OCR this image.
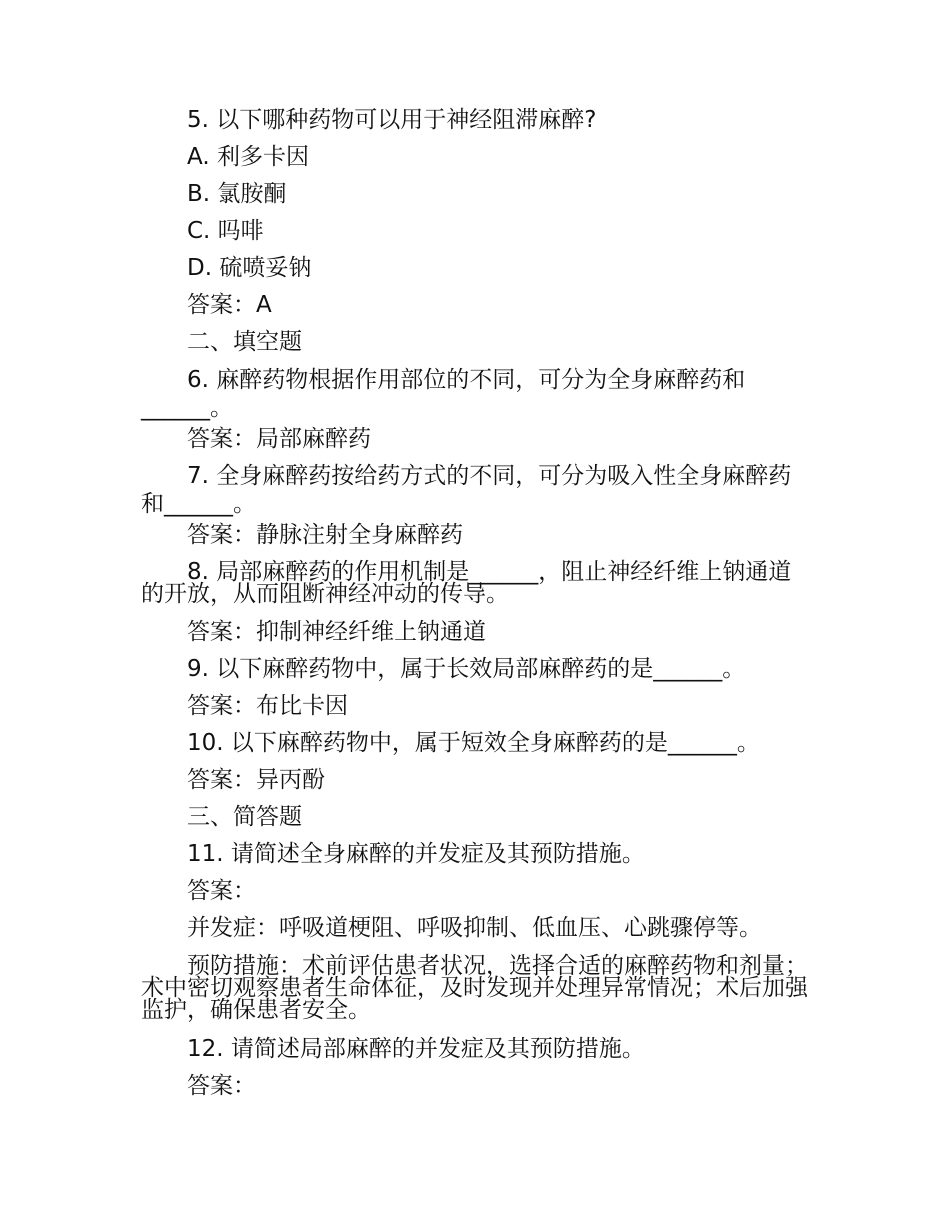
5. 以下哪种药物可以用于神经阻滞麻醉?
A. 利多卡因
B. 氯胺酮
C. 吗啡
D. 硫喷妥钠
答案：A
二、填空题
6. 麻醉药物根据作用部位的不同，可分为全身麻醉药和______。
答案：局部麻醉药
7. 全身麻醉药按给药方式的不同，可分为吸入性全身麻醉药和______。
答案：静脉注射全身麻醉药
8. 局部麻醉药的作用机制是______，阻止神经纤维上钠通道的开放，从而阻断神经冲动的传导。
答案：抑制神经纤维上钠通道
9. 以下麻醉药物中，属于长效局部麻醉药的是______。
答案：布比卡因
10. 以下麻醉药物中，属于短效全身麻醉药的是______。
答案：异丙酚
三、简答题
11. 请简述全身麻醉的并发症及其预防措施。
答案：
并发症：呼吸道梗阻、呼吸抑制、低血压、心跳骤停等。
预防措施：术前评估患者状况，选择合适的麻醉药物和剂量；术中密切观察患者生命体征，及时发现并处理异常情况；术后加强监护，确保患者安全。
12. 请简述局部麻醉的并发症及其预防措施。
答案：
